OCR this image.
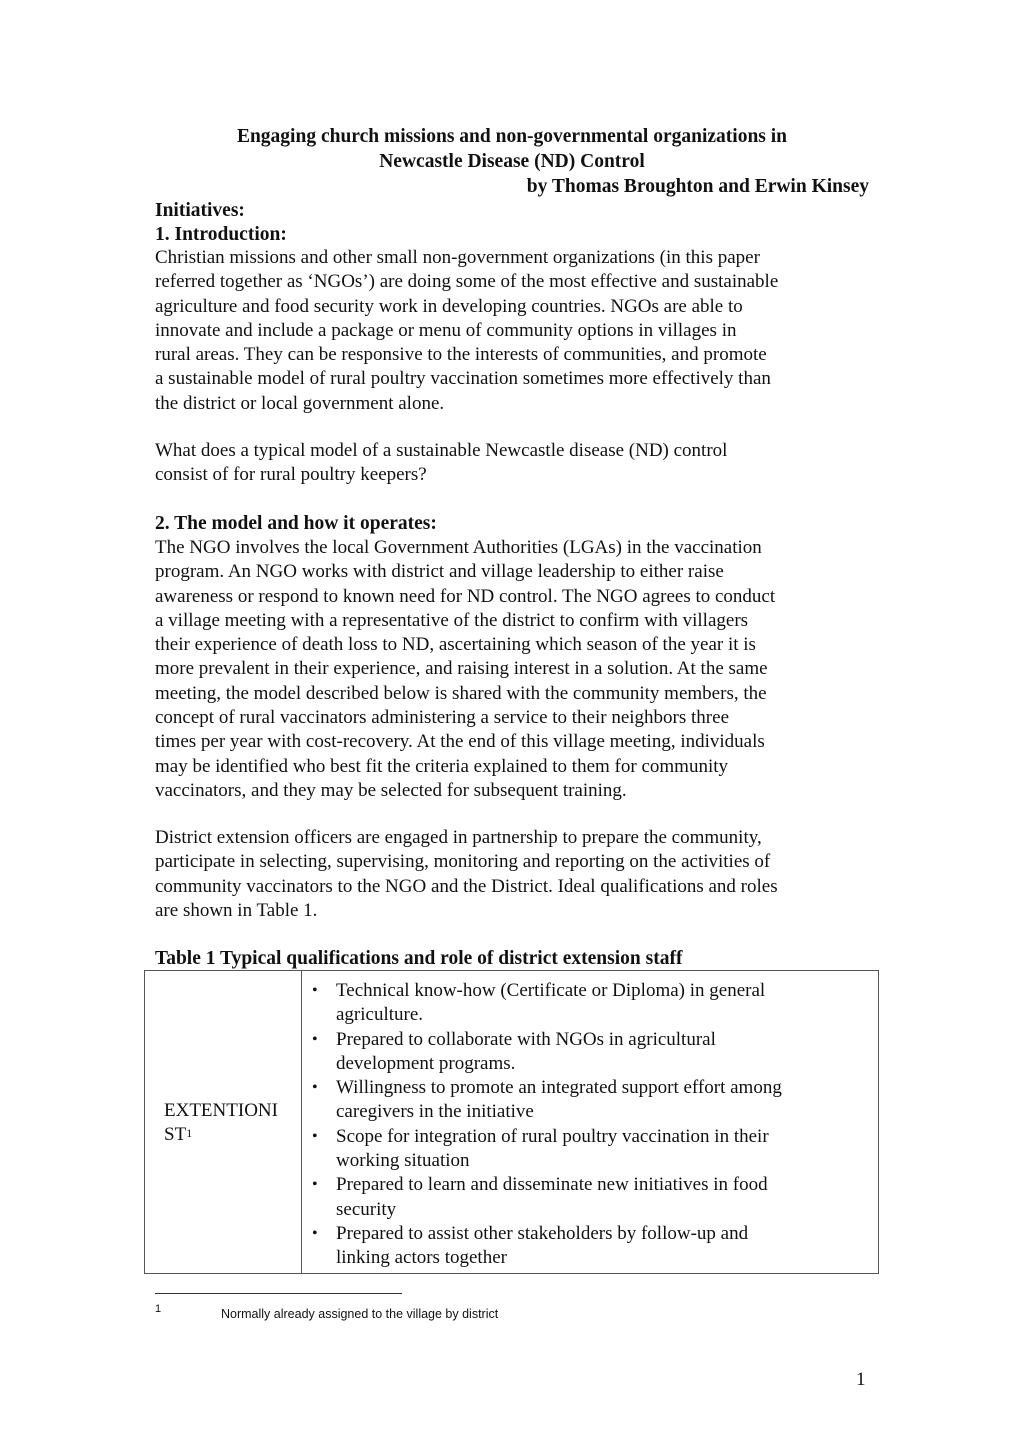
Engaging church missions and non-governmental organizations in
Newcastle Disease (ND) Control
by Thomas Broughton and Erwin Kinsey
Initiatives:
1. Introduction:
Christian missions and other small non-government organizations (in this paper
referred together as ‘NGOs’) are doing some of the most effective and sustainable
agriculture and food security work in developing countries. NGOs are able to
innovate and include a package or menu of community options in villages in
rural areas. They can be responsive to the interests of communities, and promote
a sustainable model of rural poultry vaccination sometimes more effectively than
the district or local government alone.
What does a typical model of a sustainable Newcastle disease (ND) control
consist of for rural poultry keepers?
2. The model and how it operates:
The NGO involves the local Government Authorities (LGAs) in the vaccination
program. An NGO works with district and village leadership to either raise
awareness or respond to known need for ND control. The NGO agrees to conduct
a village meeting with a representative of the district to confirm with villagers
their experience of death loss to ND, ascertaining which season of the year it is
more prevalent in their experience, and raising interest in a solution. At the same
meeting, the model described below is shared with the community members, the
concept of rural vaccinators administering a service to their neighbors three
times per year with cost-recovery. At the end of this village meeting, individuals
may be identified who best fit the criteria explained to them for community
vaccinators, and they may be selected for subsequent training.
District extension officers are engaged in partnership to prepare the community,
participate in selecting, supervising, monitoring and reporting on the activities of
community vaccinators to the NGO and the District. Ideal qualifications and roles
are shown in Table 1.
Table 1 Typical qualifications and role of district extension staff
EXTENTIONI
$ST^1$
• Technical know-how (Certificate or Diploma) in general
agriculture.
• Prepared to collaborate with NGOs in agricultural
development programs.
• Willingness to promote an integrated support effort among
caregivers in the initiative
• Scope for integration of rural poultry vaccination in their
working situation
• Prepared to learn and disseminate new initiatives in food
security
• Prepared to assist other stakeholders by follow-up and
linking actors together
1	Normally already assigned to the village by district
1
